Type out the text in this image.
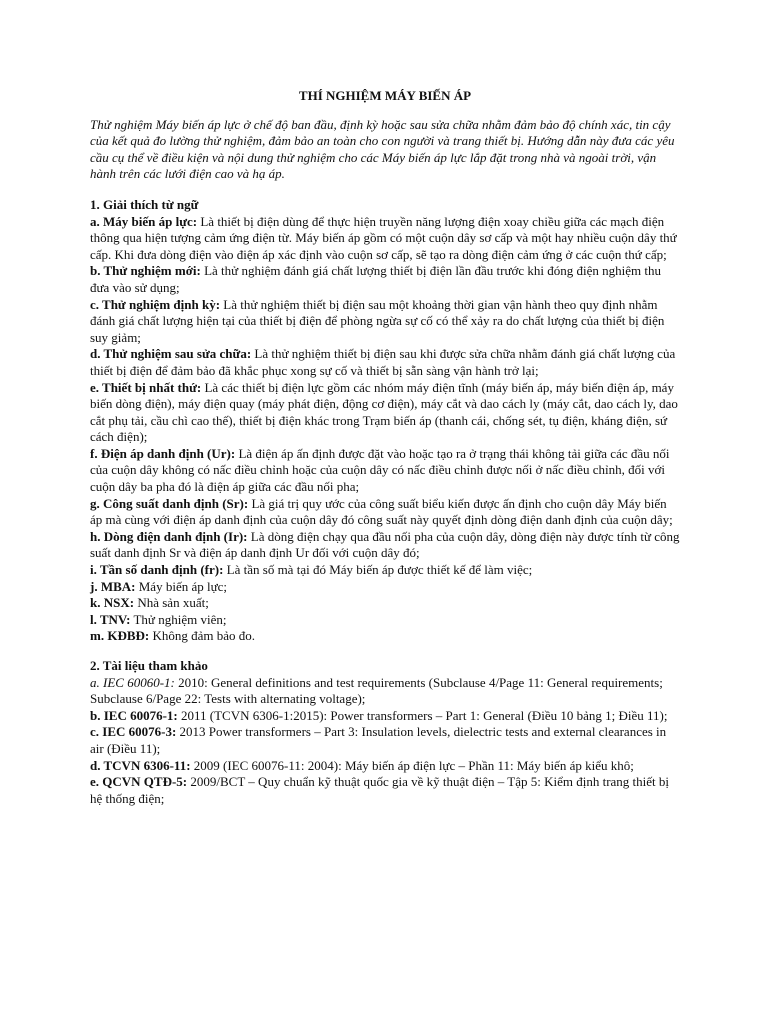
THÍ NGHIỆM MÁY BIẾN ÁP

Thử nghiệm Máy biến áp lực ở chế độ ban đầu, định kỳ hoặc sau sửa chữa nhằm đảm bảo độ chính xác, tin cậy của kết quả đo lường thử nghiệm, đảm bảo an toàn cho con người và trang thiết bị. Hướng dẫn này đưa các yêu cầu cụ thể về điều kiện và nội dung thử nghiệm cho các Máy biến áp lực lắp đặt trong nhà và ngoài trời, vận hành trên các lưới điện cao và hạ áp.

1. Giải thích từ ngữ

a. Máy biến áp lực: Là thiết bị điện dùng để thực hiện truyền năng lượng điện xoay chiều giữa các mạch điện thông qua hiện tượng cảm ứng điện từ. Máy biến áp gồm có một cuộn dây sơ cấp và một hay nhiều cuộn dây thứ cấp. Khi đưa dòng điện vào điện áp xác định vào cuộn sơ cấp, sẽ tạo ra dòng điện cảm ứng ở các cuộn thứ cấp;

b. Thử nghiệm mới: Là thử nghiệm đánh giá chất lượng thiết bị điện lần đầu trước khi đóng điện nghiệm thu đưa vào sử dụng;

c. Thử nghiệm định kỳ: Là thử nghiệm thiết bị điện sau một khoảng thời gian vận hành theo quy định nhằm đánh giá chất lượng hiện tại của thiết bị điện để phòng ngừa sự cố có thể xảy ra do chất lượng của thiết bị điện suy giảm;

d. Thử nghiệm sau sửa chữa: Là thử nghiệm thiết bị điện sau khi được sửa chữa nhằm đánh giá chất lượng của thiết bị điện để đảm bảo đã khắc phục xong sự cố và thiết bị sẵn sàng vận hành trở lại;

e. Thiết bị nhất thứ: Là các thiết bị điện lực gồm các nhóm máy điện tĩnh (máy biến áp, máy biến điện áp, máy biến dòng điện), máy điện quay (máy phát điện, động cơ điện), máy cắt và dao cách ly (máy cắt, dao cách ly, dao cắt phụ tải, cầu chì cao thế), thiết bị điện khác trong Trạm biến áp (thanh cái, chống sét, tụ điện, kháng điện, sứ cách điện);

f. Điện áp danh định (Ur): Là điện áp ấn định được đặt vào hoặc tạo ra ở trạng thái không tải giữa các đầu nối của cuộn dây không có nấc điều chỉnh hoặc của cuộn dây có nấc điều chỉnh được nối ở nấc điều chỉnh, đối với cuộn dây ba pha đó là điện áp giữa các đầu nối pha;

g. Công suất danh định (Sr): Là giá trị quy ước của công suất biểu kiến được ấn định cho cuộn dây Máy biến áp mà cùng với điện áp danh định của cuộn dây đó công suất này quyết định dòng điện danh định của cuộn dây;

h. Dòng điện danh định (Ir): Là dòng điện chạy qua đầu nối pha của cuộn dây, dòng điện này được tính từ công suất danh định Sr và điện áp danh định Ur đối với cuộn dây đó;

i. Tần số danh định (fr): Là tần số mà tại đó Máy biến áp được thiết kế để làm việc;

j. MBA: Máy biến áp lực;

k. NSX: Nhà sản xuất;

l. TNV: Thử nghiệm viên;

m. KĐBĐ: Không đảm bảo đo.

2. Tài liệu tham khảo

a. IEC 60060-1: 2010: General definitions and test requirements (Subclause 4/Page 11: General requirements; Subclause 6/Page 22: Tests with alternating voltage);

b. IEC 60076-1: 2011 (TCVN 6306-1:2015): Power transformers – Part 1: General (Điều 10 bảng 1; Điều 11);

c. IEC 60076-3: 2013 Power transformers – Part 3: Insulation levels, dielectric tests and external clearances in air (Điều 11);

d. TCVN 6306-11: 2009 (IEC 60076-11: 2004): Máy biến áp điện lực – Phần 11: Máy biến áp kiểu khô;

e. QCVN QTĐ-5: 2009/BCT – Quy chuẩn kỹ thuật quốc gia về kỹ thuật điện – Tập 5: Kiểm định trang thiết bị hệ thống điện;
